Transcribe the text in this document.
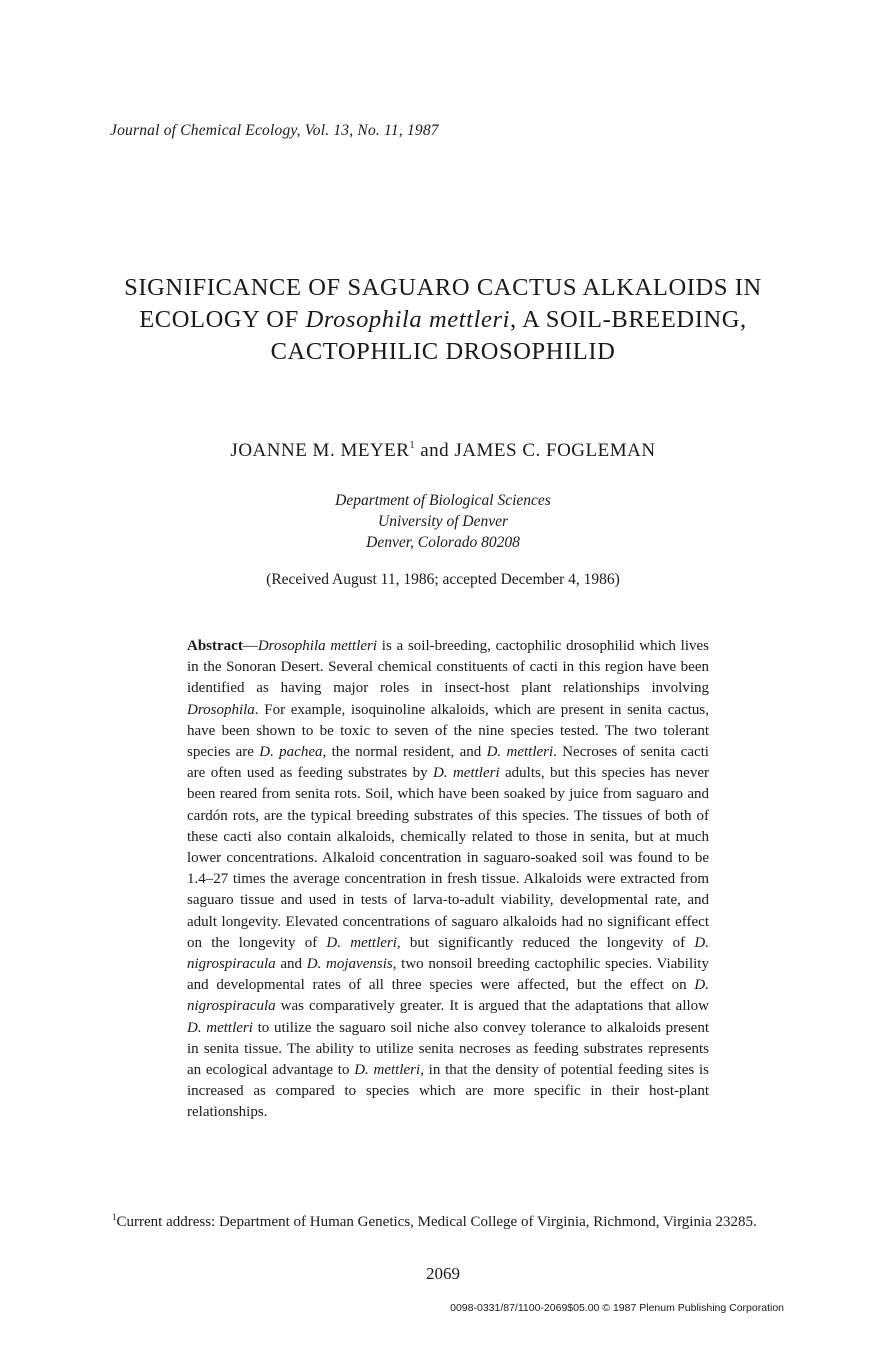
Journal of Chemical Ecology, Vol. 13, No. 11, 1987
SIGNIFICANCE OF SAGUARO CACTUS ALKALOIDS IN
ECOLOGY OF Drosophila mettleri, A SOIL-BREEDING,
CACTOPHILIC DROSOPHILID
JOANNE M. MEYER$^1$ and JAMES C. FOGLEMAN
Department of Biological Sciences
University of Denver
Denver, Colorado 80208
(Received August 11, 1986; accepted December 4, 1986)

Abstract—Drosophila mettleri is a soil-breeding, cactophilic drosophilid which lives in the Sonoran Desert. Several chemical constituents of cacti in this region have been identified as having major roles in insect-host plant relationships involving Drosophila. For example, isoquinoline alkaloids, which are present in senita cactus, have been shown to be toxic to seven of the nine species tested. The two tolerant species are D. pachea, the normal resident, and D. mettleri. Necroses of senita cacti are often used as feeding substrates by D. mettleri adults, but this species has never been reared from senita rots. Soil, which have been soaked by juice from saguaro and cardón rots, are the typical breeding substrates of this species. The tissues of both of these cacti also contain alkaloids, chemically related to those in senita, but at much lower concentrations. Alkaloid concentration in saguaro-soaked soil was found to be 1.4–27 times the average concentration in fresh tissue. Alkaloids were extracted from saguaro tissue and used in tests of larva-to-adult viability, developmental rate, and adult longevity. Elevated concentrations of saguaro alkaloids had no significant effect on the longevity of D. mettleri, but significantly reduced the longevity of D. nigrospiracula and D. mojavensis, two nonsoil breeding cactophilic species. Viability and developmental rates of all three species were affected, but the effect on D. nigrospiracula was comparatively greater. It is argued that the adaptations that allow D. mettleri to utilize the saguaro soil niche also convey tolerance to alkaloids present in senita tissue. The ability to utilize senita necroses as feeding substrates represents an ecological advantage to D. mettleri, in that the density of potential feeding sites is increased as compared to species which are more specific in their host-plant relationships.

$^1$Current address: Department of Human Genetics, Medical College of Virginia, Richmond, Virginia 23285.
2069
0098-0331/87/1100-2069$05.00 © 1987 Plenum Publishing Corporation
